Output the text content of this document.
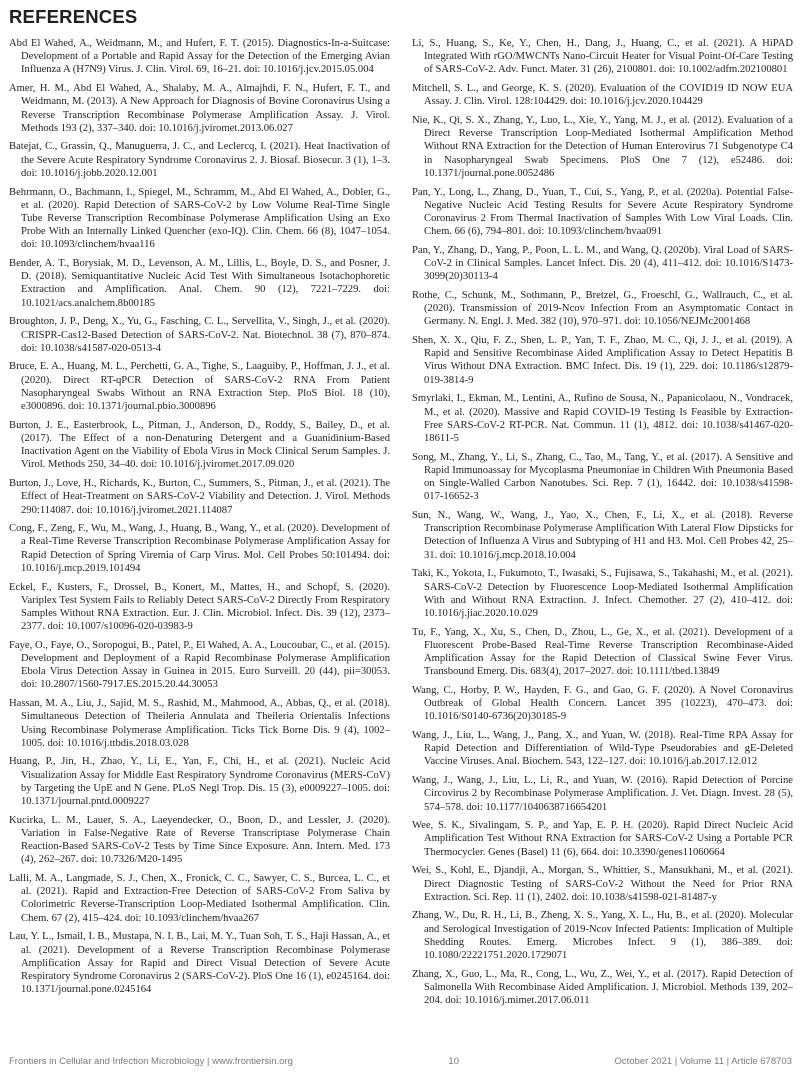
REFERENCES

Abd El Wahed, A., Weidmann, M., and Hufert, F. T. (2015). Diagnostics-In-a-Suitcase: Development of a Portable and Rapid Assay for the Detection of the Emerging Avian Influenza A (H7N9) Virus. J. Clin. Virol. 69, 16–21. doi: 10.1016/j.jcv.2015.05.004

Amer, H. M., Abd El Wahed, A., Shalaby, M. A., Almajhdi, F. N., Hufert, F. T., and Weidmann, M. (2013). A New Approach for Diagnosis of Bovine Coronavirus Using a Reverse Transcription Recombinase Polymerase Amplification Assay. J. Virol. Methods 193 (2), 337–340. doi: 10.1016/j.jviromet.2013.06.027

Batejat, C., Grassin, Q., Manuguerra, J. C., and Leclercq, I. (2021). Heat Inactivation of the Severe Acute Respiratory Syndrome Coronavirus 2. J. Biosaf. Biosecur. 3 (1), 1–3. doi: 10.1016/j.jobb.2020.12.001

Behrmann, O., Bachmann, I., Spiegel, M., Schramm, M., Abd El Wahed, A., Dobler, G., et al. (2020). Rapid Detection of SARS-CoV-2 by Low Volume Real-Time Single Tube Reverse Transcription Recombinase Polymerase Amplification Using an Exo Probe With an Internally Linked Quencher (exo-IQ). Clin. Chem. 66 (8), 1047–1054. doi: 10.1093/clinchem/hvaa116

Bender, A. T., Borysiak, M. D., Levenson, A. M., Lillis, L., Boyle, D. S., and Posner, J. D. (2018). Semiquantitative Nucleic Acid Test With Simultaneous Isotachophoretic Extraction and Amplification. Anal. Chem. 90 (12), 7221–7229. doi: 10.1021/acs.analchem.8b00185

Broughton, J. P., Deng, X., Yu, G., Fasching, C. L., Servellita, V., Singh, J., et al. (2020). CRISPR-Cas12-Based Detection of SARS-CoV-2. Nat. Biotechnol. 38 (7), 870–874. doi: 10.1038/s41587-020-0513-4

Bruce, E. A., Huang, M. L., Perchetti, G. A., Tighe, S., Laaguiby, P., Hoffman, J. J., et al. (2020). Direct RT-qPCR Detection of SARS-CoV-2 RNA From Patient Nasopharyngeal Swabs Without an RNA Extraction Step. PloS Biol. 18 (10), e3000896. doi: 10.1371/journal.pbio.3000896

Burton, J. E., Easterbrook, L., Pitman, J., Anderson, D., Roddy, S., Bailey, D., et al. (2017). The Effect of a non-Denaturing Detergent and a Guanidinium-Based Inactivation Agent on the Viability of Ebola Virus in Mock Clinical Serum Samples. J. Virol. Methods 250, 34–40. doi: 10.1016/j.jviromet.2017.09.020

Burton, J., Love, H., Richards, K., Burton, C., Summers, S., Pitman, J., et al. (2021). The Effect of Heat-Treatment on SARS-CoV-2 Viability and Detection. J. Virol. Methods 290:114087. doi: 10.1016/j.jviromet.2021.114087

Cong, F., Zeng, F., Wu, M., Wang, J., Huang, B., Wang, Y., et al. (2020). Development of a Real-Time Reverse Transcription Recombinase Polymerase Amplification Assay for Rapid Detection of Spring Viremia of Carp Virus. Mol. Cell Probes 50:101494. doi: 10.1016/j.mcp.2019.101494

Eckel, F., Kusters, F., Drossel, B., Konert, M., Mattes, H., and Schopf, S. (2020). Variplex Test System Fails to Reliably Detect SARS-CoV-2 Directly From Respiratory Samples Without RNA Extraction. Eur. J. Clin. Microbiol. Infect. Dis. 39 (12), 2373–2377. doi: 10.1007/s10096-020-03983-9

Faye, O., Faye, O., Soropogui, B., Patel, P., El Wahed, A. A., Loucoubar, C., et al. (2015). Development and Deployment of a Rapid Recombinase Polymerase Amplification Ebola Virus Detection Assay in Guinea in 2015. Euro Surveill. 20 (44), pii=30053. doi: 10.2807/1560-7917.ES.2015.20.44.30053

Hassan, M. A., Liu, J., Sajid, M. S., Rashid, M., Mahmood, A., Abbas, Q., et al. (2018). Simultaneous Detection of Theileria Annulata and Theileria Orientalis Infections Using Recombinase Polymerase Amplification. Ticks Tick Borne Dis. 9 (4), 1002–1005. doi: 10.1016/j.ttbdis.2018.03.028

Huang, P., Jin, H., Zhao, Y., Li, E., Yan, F., Chi, H., et al. (2021). Nucleic Acid Visualization Assay for Middle East Respiratory Syndrome Coronavirus (MERS-CoV) by Targeting the UpE and N Gene. PLoS Negl Trop. Dis. 15 (3), e0009227–1005. doi: 10.1371/journal.pntd.0009227

Kucirka, L. M., Lauer, S. A., Laeyendecker, O., Boon, D., and Lessler, J. (2020). Variation in False-Negative Rate of Reverse Transcriptase Polymerase Chain Reaction-Based SARS-CoV-2 Tests by Time Since Exposure. Ann. Intern. Med. 173 (4), 262–267. doi: 10.7326/M20-1495

Lalli, M. A., Langmade, S. J., Chen, X., Fronick, C. C., Sawyer, C. S., Burcea, L. C., et al. (2021). Rapid and Extraction-Free Detection of SARS-CoV-2 From Saliva by Colorimetric Reverse-Transcription Loop-Mediated Isothermal Amplification. Clin. Chem. 67 (2), 415–424. doi: 10.1093/clinchem/hvaa267

Lau, Y. L., Ismail, I. B., Mustapa, N. I. B., Lai, M. Y., Tuan Soh, T. S., Haji Hassan, A., et al. (2021). Development of a Reverse Transcription Recombinase Polymerase Amplification Assay for Rapid and Direct Visual Detection of Severe Acute Respiratory Syndrome Coronavirus 2 (SARS-CoV-2). PloS One 16 (1), e0245164. doi: 10.1371/journal.pone.0245164

Li, S., Huang, S., Ke, Y., Chen, H., Dang, J., Huang, C., et al. (2021). A HiPAD Integrated With rGO/MWCNTs Nano-Circuit Heater for Visual Point-Of-Care Testing of SARS-CoV-2. Adv. Funct. Mater. 31 (26), 2100801. doi: 10.1002/adfm.202100801

Mitchell, S. L., and George, K. S. (2020). Evaluation of the COVID19 ID NOW EUA Assay. J. Clin. Virol. 128:104429. doi: 10.1016/j.jcv.2020.104429

Nie, K., Qi, S. X., Zhang, Y., Luo, L., Xie, Y., Yang, M. J., et al. (2012). Evaluation of a Direct Reverse Transcription Loop-Mediated Isothermal Amplification Method Without RNA Extraction for the Detection of Human Enterovirus 71 Subgenotype C4 in Nasopharyngeal Swab Specimens. PloS One 7 (12), e52486. doi: 10.1371/journal.pone.0052486

Pan, Y., Long, L., Zhang, D., Yuan, T., Cui, S., Yang, P., et al. (2020a). Potential False-Negative Nucleic Acid Testing Results for Severe Acute Respiratory Syndrome Coronavirus 2 From Thermal Inactivation of Samples With Low Viral Loads. Clin. Chem. 66 (6), 794–801. doi: 10.1093/clinchem/hvaa091

Pan, Y., Zhang, D., Yang, P., Poon, L. L. M., and Wang, Q. (2020b). Viral Load of SARS-CoV-2 in Clinical Samples. Lancet Infect. Dis. 20 (4), 411–412. doi: 10.1016/S1473-3099(20)30113-4

Rothe, C., Schunk, M., Sothmann, P., Bretzel, G., Froeschl, G., Wallrauch, C., et al. (2020). Transmission of 2019-Ncov Infection From an Asymptomatic Contact in Germany. N. Engl. J. Med. 382 (10), 970–971. doi: 10.1056/NEJMc2001468

Shen, X. X., Qiu, F. Z., Shen, L. P., Yan, T. F., Zhao, M. C., Qi, J. J., et al. (2019). A Rapid and Sensitive Recombinase Aided Amplification Assay to Detect Hepatitis B Virus Without DNA Extraction. BMC Infect. Dis. 19 (1), 229. doi: 10.1186/s12879-019-3814-9

Smyrlaki, I., Ekman, M., Lentini, A., Rufino de Sousa, N., Papanicolaou, N., Vondracek, M., et al. (2020). Massive and Rapid COVID-19 Testing Is Feasible by Extraction-Free SARS-CoV-2 RT-PCR. Nat. Commun. 11 (1), 4812. doi: 10.1038/s41467-020-18611-5

Song, M., Zhang, Y., Li, S., Zhang, C., Tao, M., Tang, Y., et al. (2017). A Sensitive and Rapid Immunoassay for Mycoplasma Pneumoniae in Children With Pneumonia Based on Single-Walled Carbon Nanotubes. Sci. Rep. 7 (1), 16442. doi: 10.1038/s41598-017-16652-3

Sun, N., Wang, W., Wang, J., Yao, X., Chen, F., Li, X., et al. (2018). Reverse Transcription Recombinase Polymerase Amplification With Lateral Flow Dipsticks for Detection of Influenza A Virus and Subtyping of H1 and H3. Mol. Cell Probes 42, 25–31. doi: 10.1016/j.mcp.2018.10.004

Taki, K., Yokota, I., Fukumoto, T., Iwasaki, S., Fujisawa, S., Takahashi, M., et al. (2021). SARS-CoV-2 Detection by Fluorescence Loop-Mediated Isothermal Amplification With and Without RNA Extraction. J. Infect. Chemother. 27 (2), 410–412. doi: 10.1016/j.jiac.2020.10.029

Tu, F., Yang, X., Xu, S., Chen, D., Zhou, L., Ge, X., et al. (2021). Development of a Fluorescent Probe-Based Real-Time Reverse Transcription Recombinase-Aided Amplification Assay for the Rapid Detection of Classical Swine Fever Virus. Transbound Emerg. Dis. 683(4), 2017–2027. doi: 10.1111/tbed.13849

Wang, C., Horby, P. W., Hayden, F. G., and Gao, G. F. (2020). A Novel Coronavirus Outbreak of Global Health Concern. Lancet 395 (10223), 470–473. doi: 10.1016/S0140-6736(20)30185-9

Wang, J., Liu, L., Wang, J., Pang, X., and Yuan, W. (2018). Real-Time RPA Assay for Rapid Detection and Differentiation of Wild-Type Pseudorabies and gE-Deleted Vaccine Viruses. Anal. Biochem. 543, 122–127. doi: 10.1016/j.ab.2017.12.012

Wang, J., Wang, J., Liu, L., Li, R., and Yuan, W. (2016). Rapid Detection of Porcine Circovirus 2 by Recombinase Polymerase Amplification. J. Vet. Diagn. Invest. 28 (5), 574–578. doi: 10.1177/1040638716654201

Wee, S. K., Sivalingam, S. P., and Yap, E. P. H. (2020). Rapid Direct Nucleic Acid Amplification Test Without RNA Extraction for SARS-CoV-2 Using a Portable PCR Thermocycler. Genes (Basel) 11 (6), 664. doi: 10.3390/genes11060664

Wei, S., Kohl, E., Djandji, A., Morgan, S., Whittier, S., Mansukhani, M., et al. (2021). Direct Diagnostic Testing of SARS-CoV-2 Without the Need for Prior RNA Extraction. Sci. Rep. 11 (1), 2402. doi: 10.1038/s41598-021-81487-y

Zhang, W., Du, R. H., Li, B., Zheng, X. S., Yang, X. L., Hu, B., et al. (2020). Molecular and Serological Investigation of 2019-Ncov Infected Patients: Implication of Multiple Shedding Routes. Emerg. Microbes Infect. 9 (1), 386–389. doi: 10.1080/22221751.2020.1729071

Zhang, X., Guo, L., Ma, R., Cong, L., Wu, Z., Wei, Y., et al. (2017). Rapid Detection of Salmonella With Recombinase Aided Amplification. J. Microbiol. Methods 139, 202–204. doi: 10.1016/j.mimet.2017.06.011

Frontiers in Cellular and Infection Microbiology | www.frontiersin.org	10	October 2021 | Volume 11 | Article 678703
